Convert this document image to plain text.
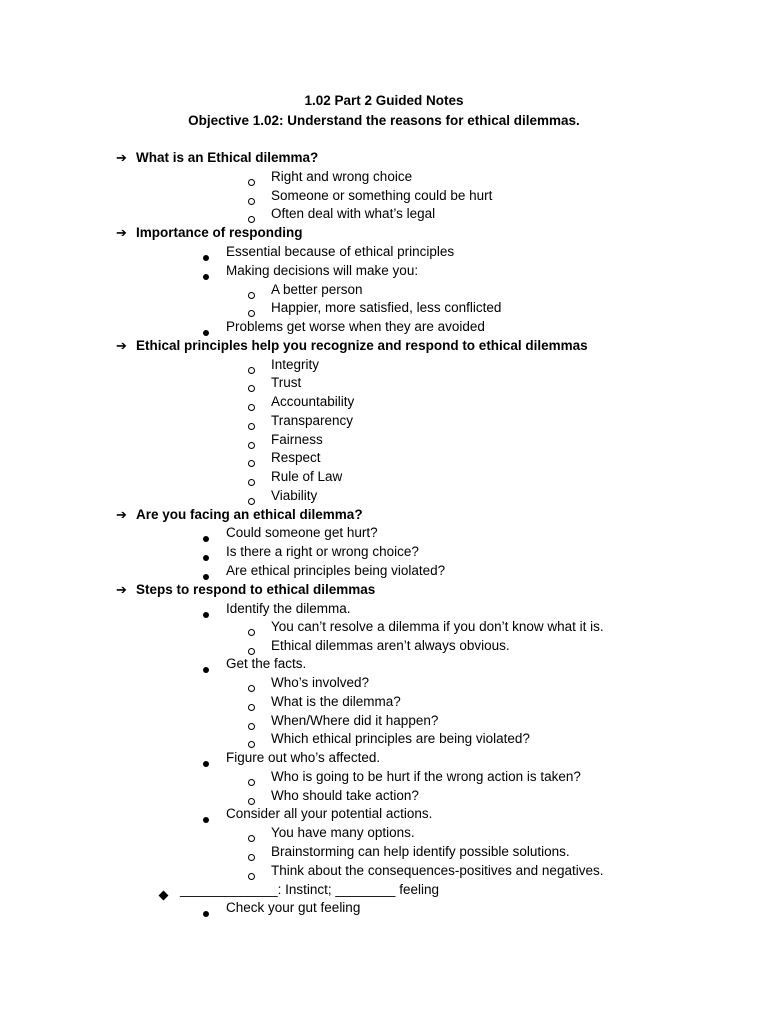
1.02 Part 2 Guided Notes
Objective 1.02: Understand the reasons for ethical dilemmas.
➔ What is an Ethical dilemma?
Right and wrong choice
Someone or something could be hurt
Often deal with what’s legal
➔ Importance of responding
Essential because of ethical principles
Making decisions will make you:
A better person
Happier, more satisfied, less conflicted
Problems get worse when they are avoided
➔ Ethical principles help you recognize and respond to ethical dilemmas
Integrity
Trust
Accountability
Transparency
Fairness
Respect
Rule of Law
Viability
➔ Are you facing an ethical dilemma?
Could someone get hurt?
Is there a right or wrong choice?
Are ethical principles being violated?
➔ Steps to respond to ethical dilemmas
Identify the dilemma.
You can’t resolve a dilemma if you don’t know what it is.
Ethical dilemmas aren’t always obvious.
Get the facts.
Who’s involved?
What is the dilemma?
When/Where did it happen?
Which ethical principles are being violated?
Figure out who’s affected.
Who is going to be hurt if the wrong action is taken?
Who should take action?
Consider all your potential actions.
You have many options.
Brainstorming can help identify possible solutions.
Think about the consequences-positives and negatives.
_____________: Instinct; ________ feeling
Check your gut feeling
